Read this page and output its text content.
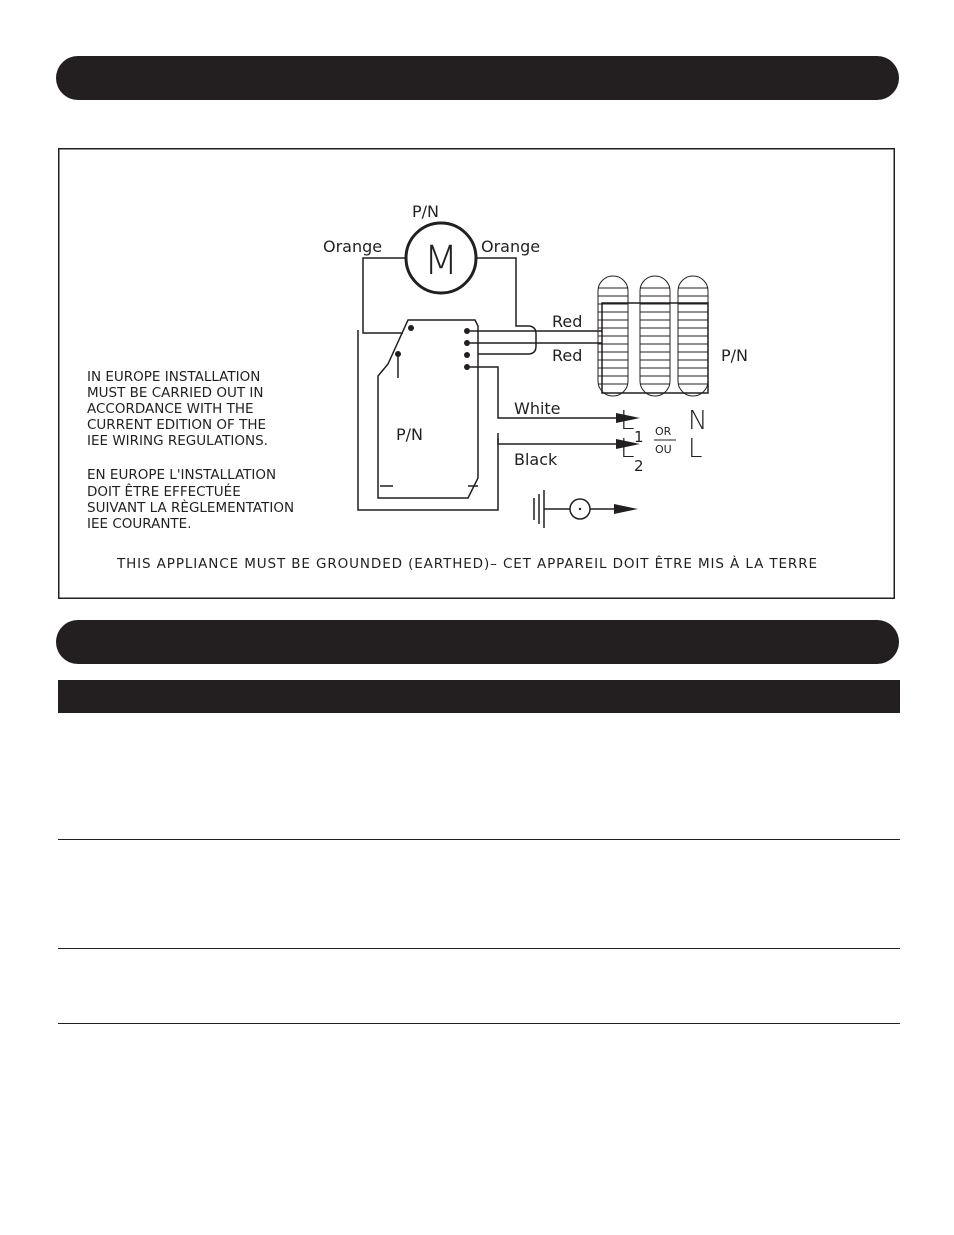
P/N
M
Orange	Orange
P/N
Red
Red	P/N
White
Black
L
1
L
2
OR
OU
N
L
IN EUROPE INSTALLATION
MUST BE CARRIED OUT IN
ACCORDANCE WITH THE
CURRENT EDITION OF THE
IEE WIRING REGULATIONS.
EN EUROPE L'INSTALLATION
DOIT ÊTRE EFFECTUÉE
SUIVANT LA RÈGLEMENTATION
IEE COURANTE.
THIS APPLIANCE MUST BE GROUNDED (EARTHED)– CET APPAREIL DOIT ÊTRE MIS À LA TERRE
